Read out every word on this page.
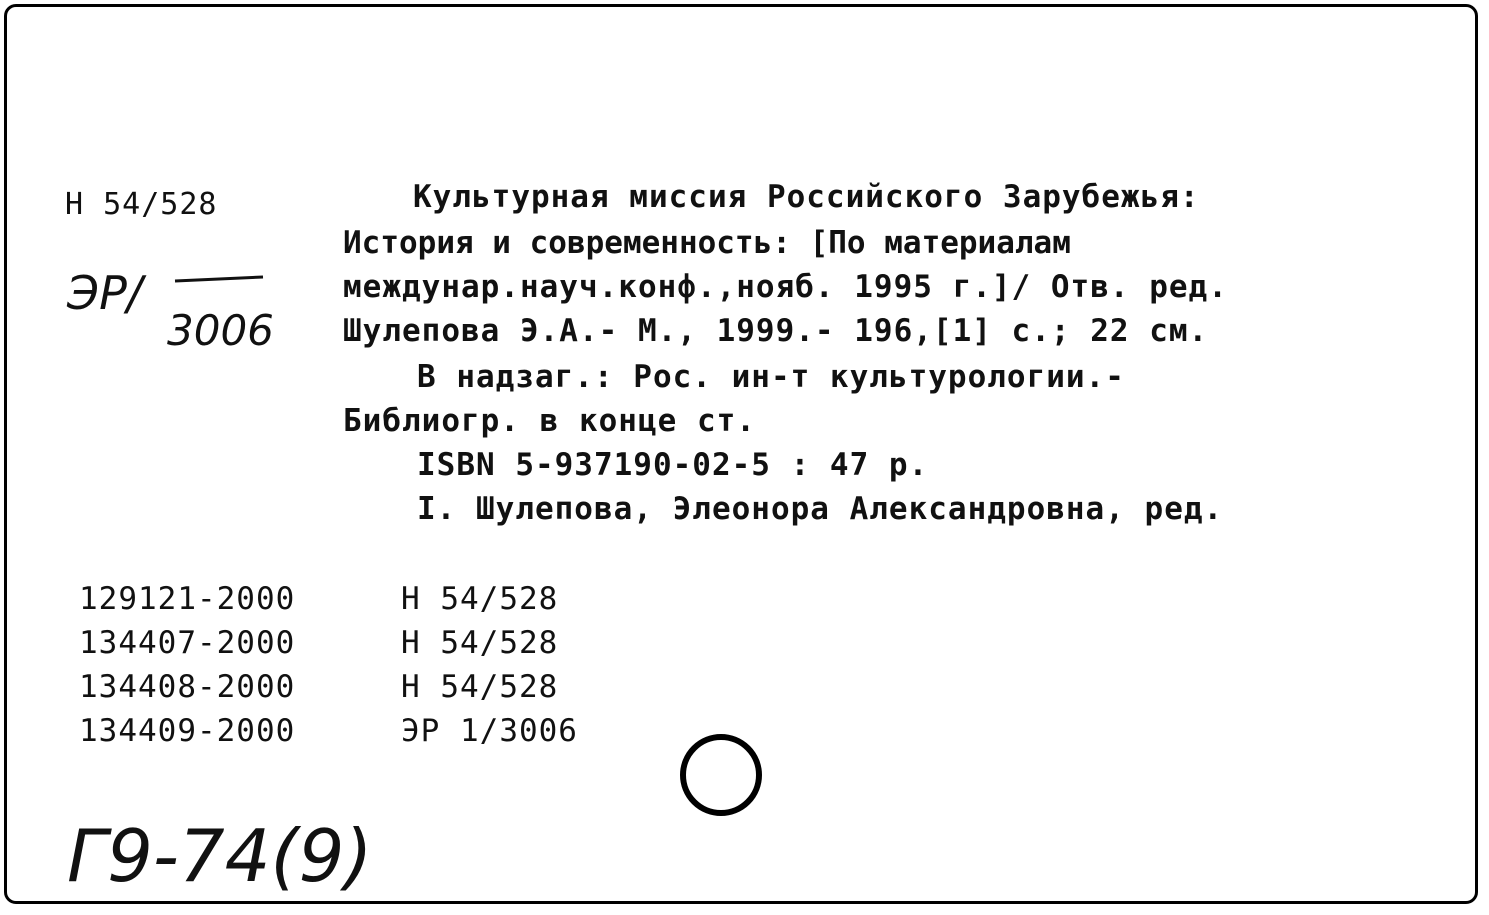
Н 54/528
ЭР/
3006
Культурная миссия Российского Зарубежья:
История и современность: [По материалам
междунар.науч.конф.,нояб. 1995 г.]/ Отв. ред.
Шулепова Э.А.- М., 1999.- 196,[1] с.; 22 см.
В надзаг.: Рос. ин-т культурологии.-
Библиогр. в конце ст.
ISBN 5-937190-02-5 : 47 р.
I. Шулепова, Элеонора Александровна, ред.
129121-2000	Н 54/528
134407-2000	Н 54/528
134408-2000	Н 54/528
134409-2000	ЭР 1/3006
Г9-74(9)
